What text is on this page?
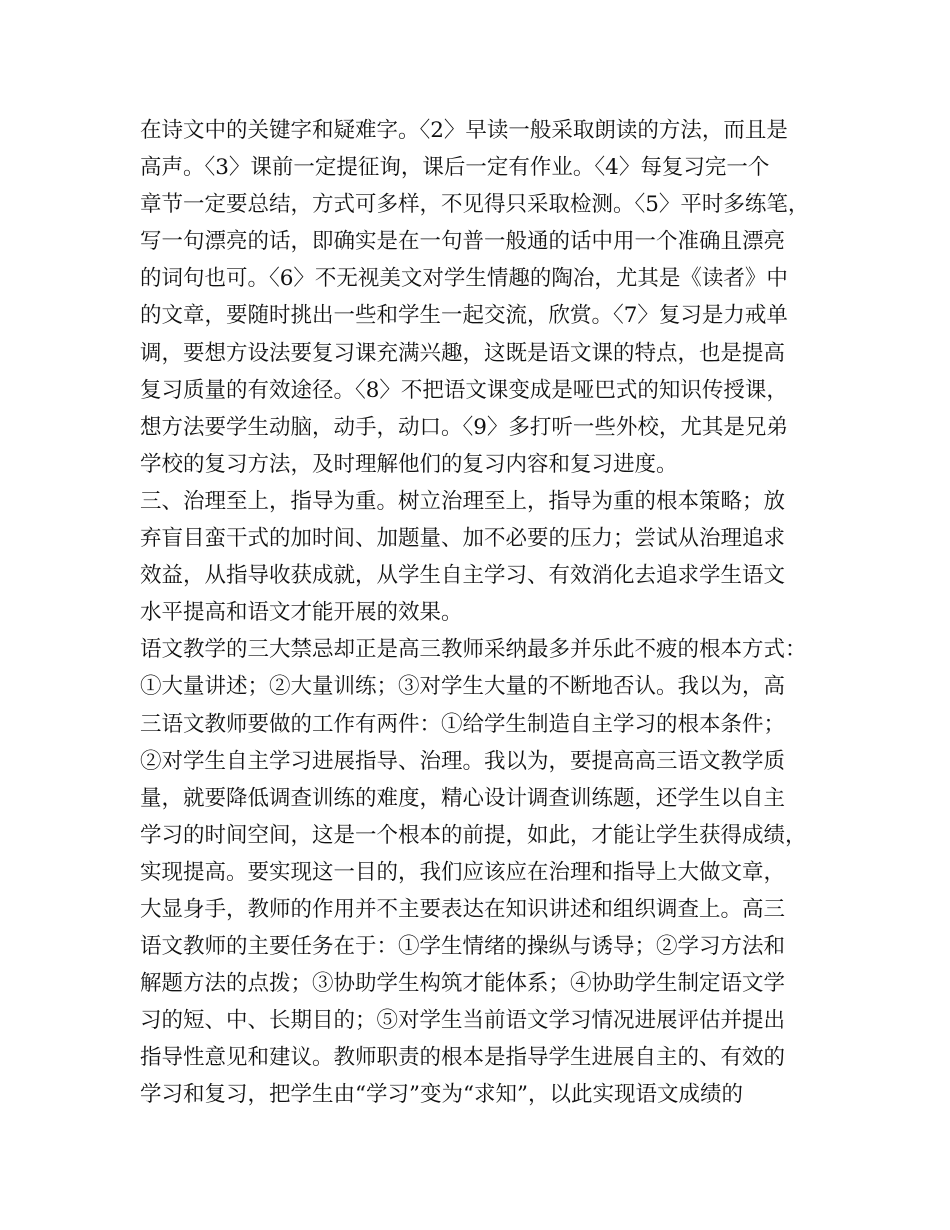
在诗文中的关键字和疑难字。〈2〉早读一般采取朗读的方法，而且是
高声。〈3〉课前一定提征询，课后一定有作业。〈4〉每复习完一个
章节一定要总结，方式可多样，不见得只采取检测。〈5〉平时多练笔，
写一句漂亮的话，即确实是在一句普一般通的话中用一个准确且漂亮
的词句也可。〈6〉不无视美文对学生情趣的陶冶，尤其是《读者》中
的文章，要随时挑出一些和学生一起交流，欣赏。〈7〉复习是力戒单
调，要想方设法要复习课充满兴趣，这既是语文课的特点，也是提高
复习质量的有效途径。〈8〉不把语文课变成是哑巴式的知识传授课，
想方法要学生动脑，动手，动口。〈9〉多打听一些外校，尤其是兄弟
学校的复习方法，及时理解他们的复习内容和复习进度。
三、治理至上，指导为重。树立治理至上，指导为重的根本策略；放
弃盲目蛮干式的加时间、加题量、加不必要的压力；尝试从治理追求
效益，从指导收获成就，从学生自主学习、有效消化去追求学生语文
水平提高和语文才能开展的效果。
语文教学的三大禁忌却正是高三教师采纳最多并乐此不疲的根本方式：
①大量讲述；②大量训练；③对学生大量的不断地否认。我以为，高
三语文教师要做的工作有两件：①给学生制造自主学习的根本条件；
②对学生自主学习进展指导、治理。我以为，要提高高三语文教学质
量，就要降低调查训练的难度，精心设计调查训练题，还学生以自主
学习的时间空间，这是一个根本的前提，如此，才能让学生获得成绩，
实现提高。要实现这一目的，我们应该应在治理和指导上大做文章，
大显身手，教师的作用并不主要表达在知识讲述和组织调查上。高三
语文教师的主要任务在于：①学生情绪的操纵与诱导；②学习方法和
解题方法的点拨；③协助学生构筑才能体系；④协助学生制定语文学
习的短、中、长期目的；⑤对学生当前语文学习情况进展评估并提出
指导性意见和建议。教师职责的根本是指导学生进展自主的、有效的
学习和复习，把学生由“学习”变为“求知”，以此实现语文成绩的
